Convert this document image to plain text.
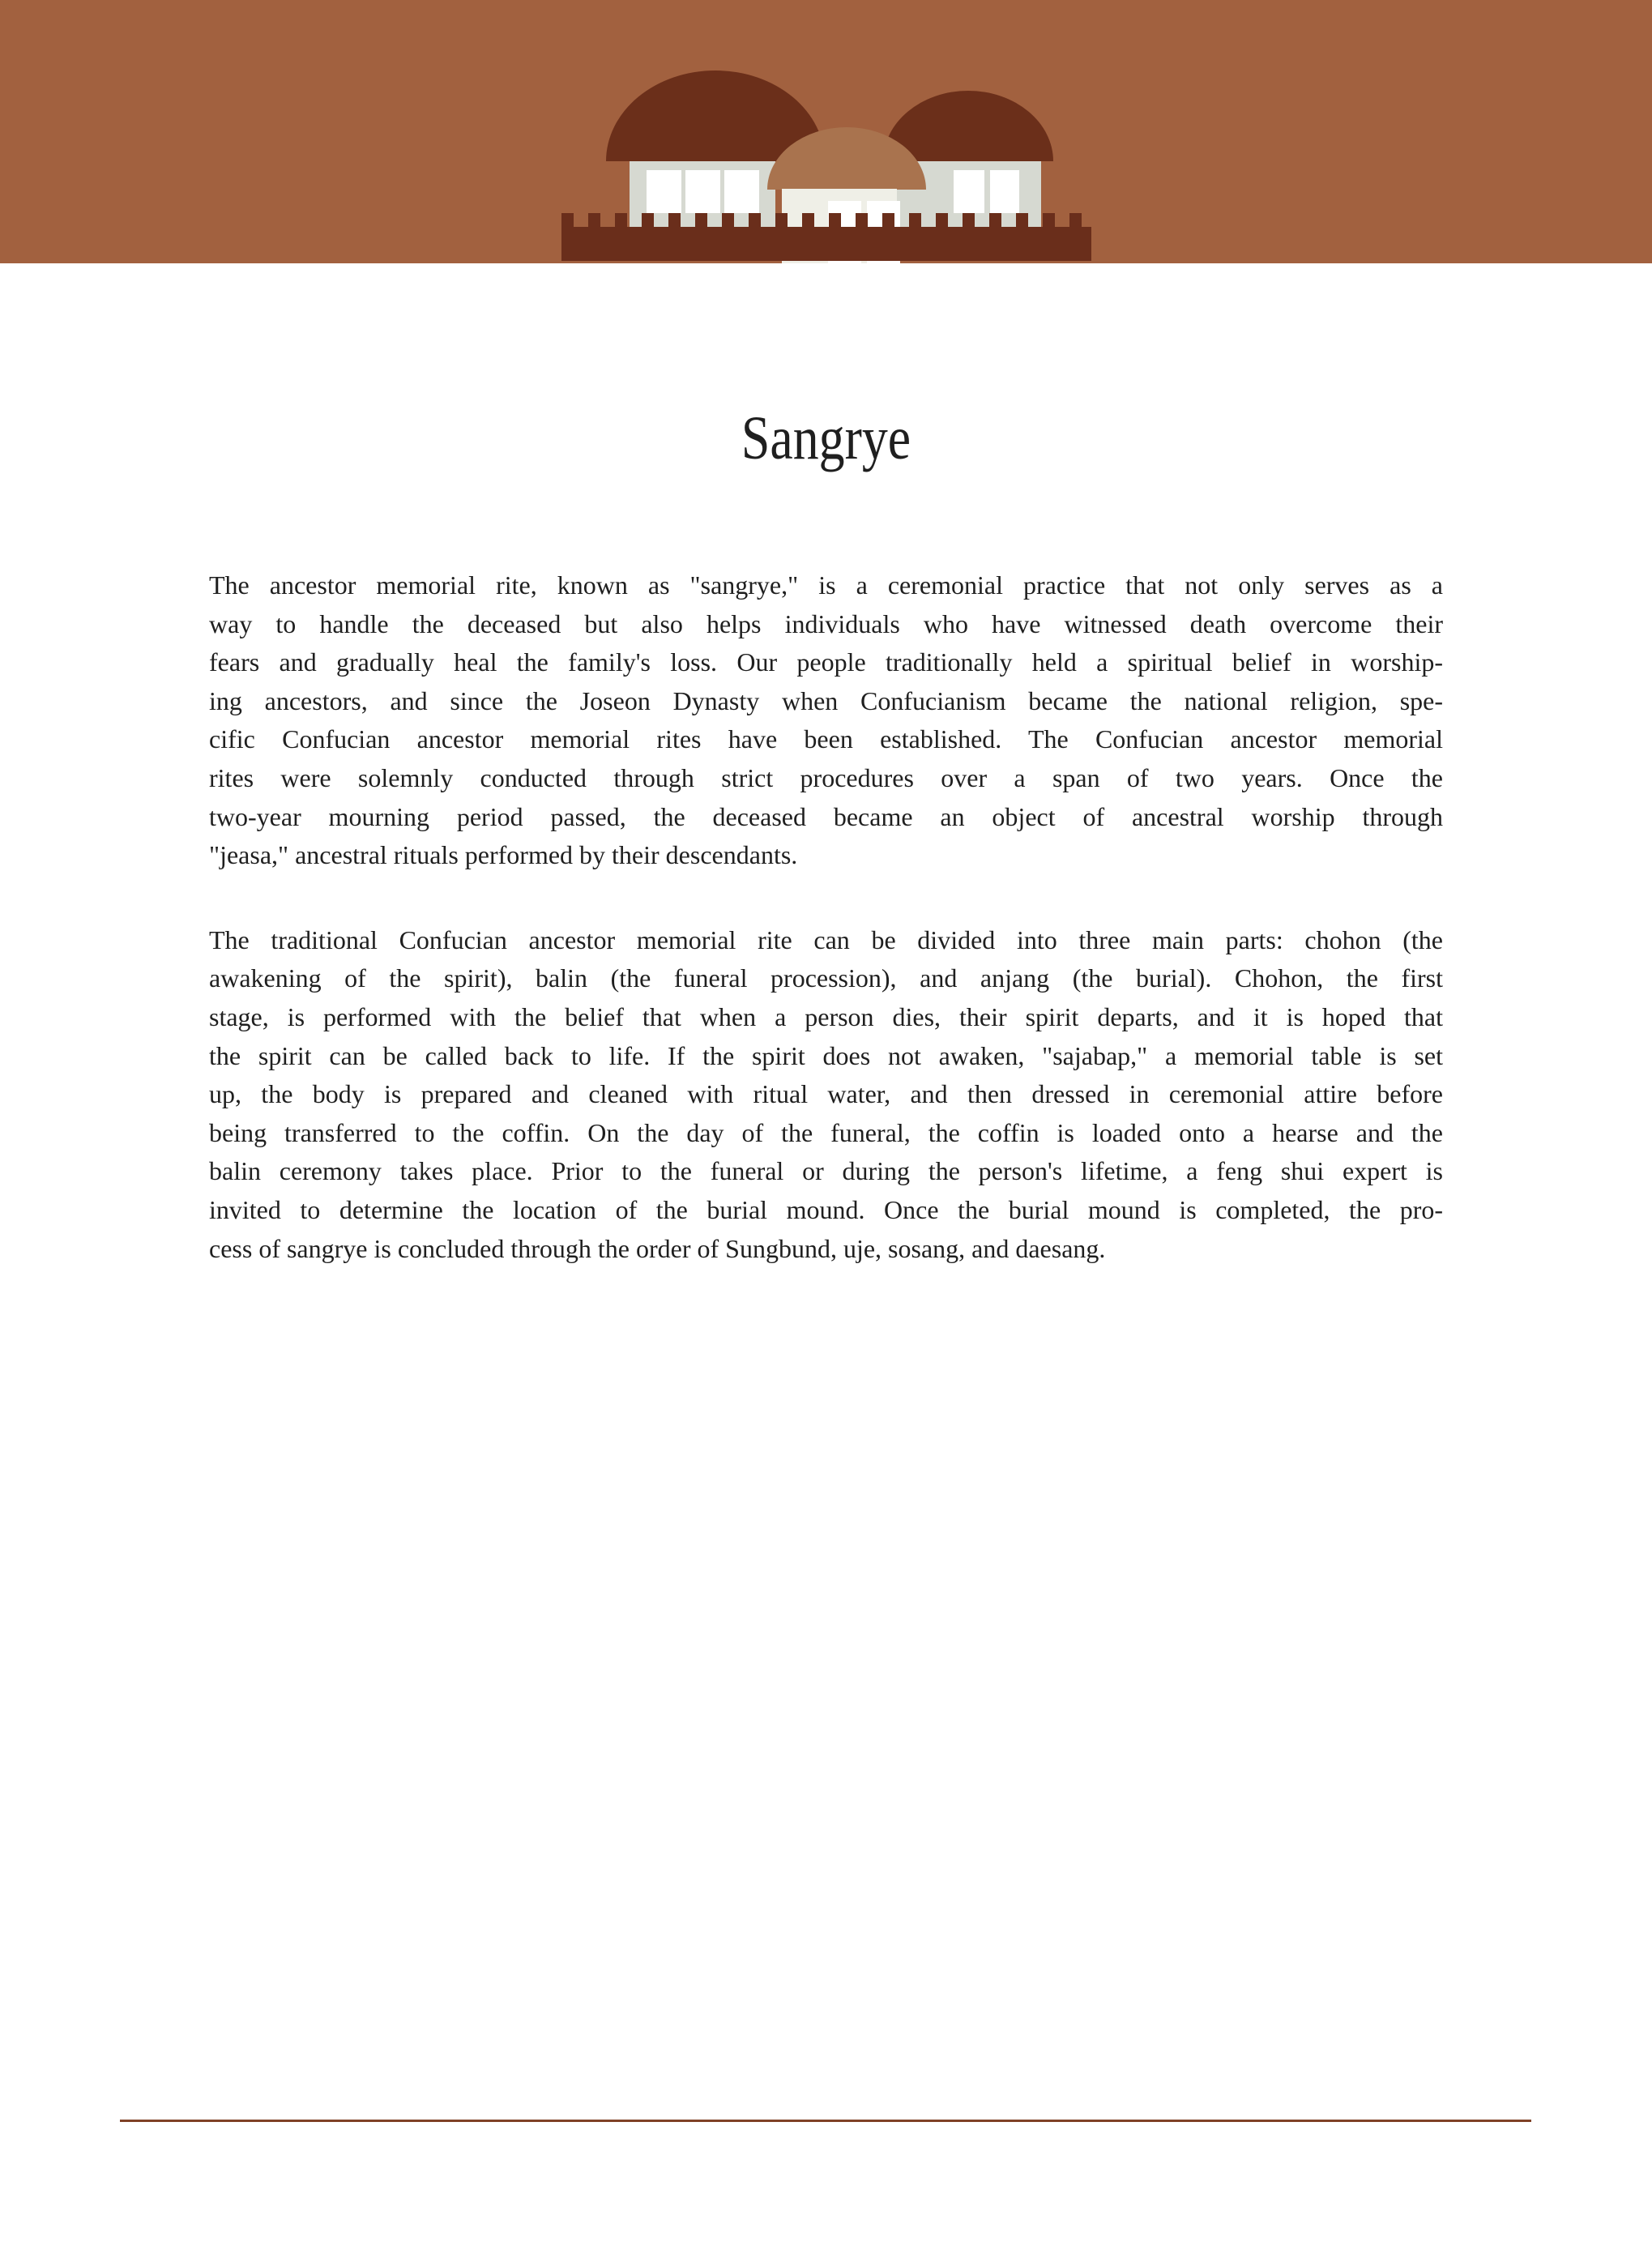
Sangrye
The ancestor memorial rite, known as "sangrye," is a ceremonial practice that not only serves as a
way to handle the deceased but also helps individuals who have witnessed death overcome their
fears and gradually heal the family's loss. Our people traditionally held a spiritual belief in worship-
ing ancestors, and since the Joseon Dynasty when Confucianism became the national religion, spe-
cific Confucian ancestor memorial rites have been established. The Confucian ancestor memorial
rites were solemnly conducted through strict procedures over a span of two years. Once the
two-year mourning period passed, the deceased became an object of ancestral worship through
"jeasa," ancestral rituals performed by their descendants.
The traditional Confucian ancestor memorial rite can be divided into three main parts: chohon (the
awakening of the spirit), balin (the funeral procession), and anjang (the burial). Chohon, the first
stage, is performed with the belief that when a person dies, their spirit departs, and it is hoped that
the spirit can be called back to life. If the spirit does not awaken, "sajabap," a memorial table is set
up, the body is prepared and cleaned with ritual water, and then dressed in ceremonial attire before
being transferred to the coffin. On the day of the funeral, the coffin is loaded onto a hearse and the
balin ceremony takes place. Prior to the funeral or during the person's lifetime, a feng shui expert is
invited to determine the location of the burial mound. Once the burial mound is completed, the pro-
cess of sangrye is concluded through the order of Sungbund, uje, sosang, and daesang.
